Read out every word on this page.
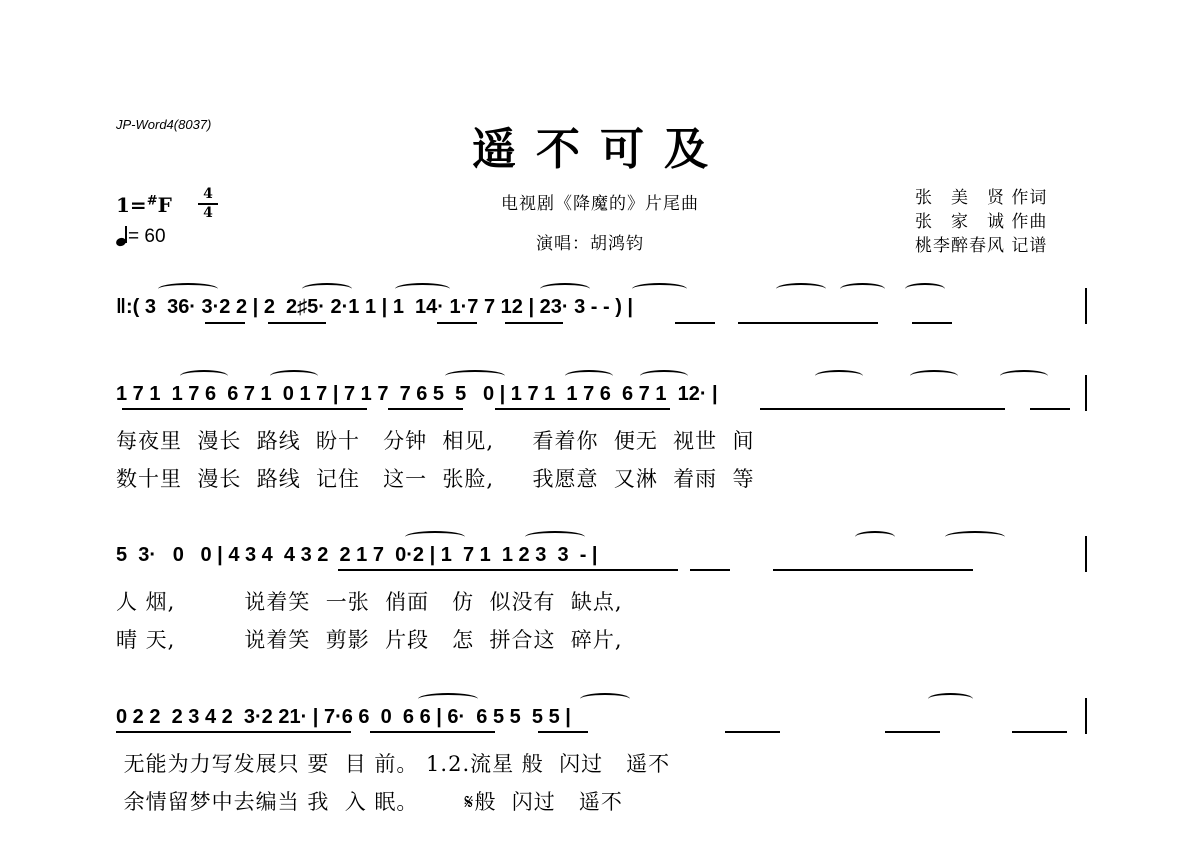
JP-Word4(8037)	遥不可及
电视剧《降魔的》片尾曲
演唱：胡鸿钧
1=#F	4
4
= 60
张　美　贤 作词
张　家　诚 作曲
桃李醉春风 记谱
‖:( 3  36· 3·2 2 | 2  2♯5· 2·1 1 | 1  14· 1·7 7 12 | 23· 3 - - ) |
1 7 1  1 7 6  6 7 1  0 1 7 | 7 1 7  7 6 5  5   0 | 1 7 1  1 7 6  6 7 1  12· |
每夜里  漫长  路线  盼十   分钟  相见,     看着你  便无  视世  间
数十里  漫长  路线  记住   这一  张脸,     我愿意  又淋  着雨  等
5  3·   0   0 | 4 3 4  4 3 2  2 1 7  0·2 | 1  7 1  1 2 3  3  - |
人 烟,         说着笑  一张  俏面   仿  似没有  缺点,
晴 天,         说着笑  剪影  片段   怎  拼合这  碎片,
0 2 2  2 3 4 2  3·2 21· | 7·6 6  0  6 6 | 6·  6 5 5  5 5 |
无能为力写发展只 要  目 前。 1.2.流星 般  闪过   遥不
余情留梦中去编当 我  入 眠。      𝄋般  闪过   遥不
